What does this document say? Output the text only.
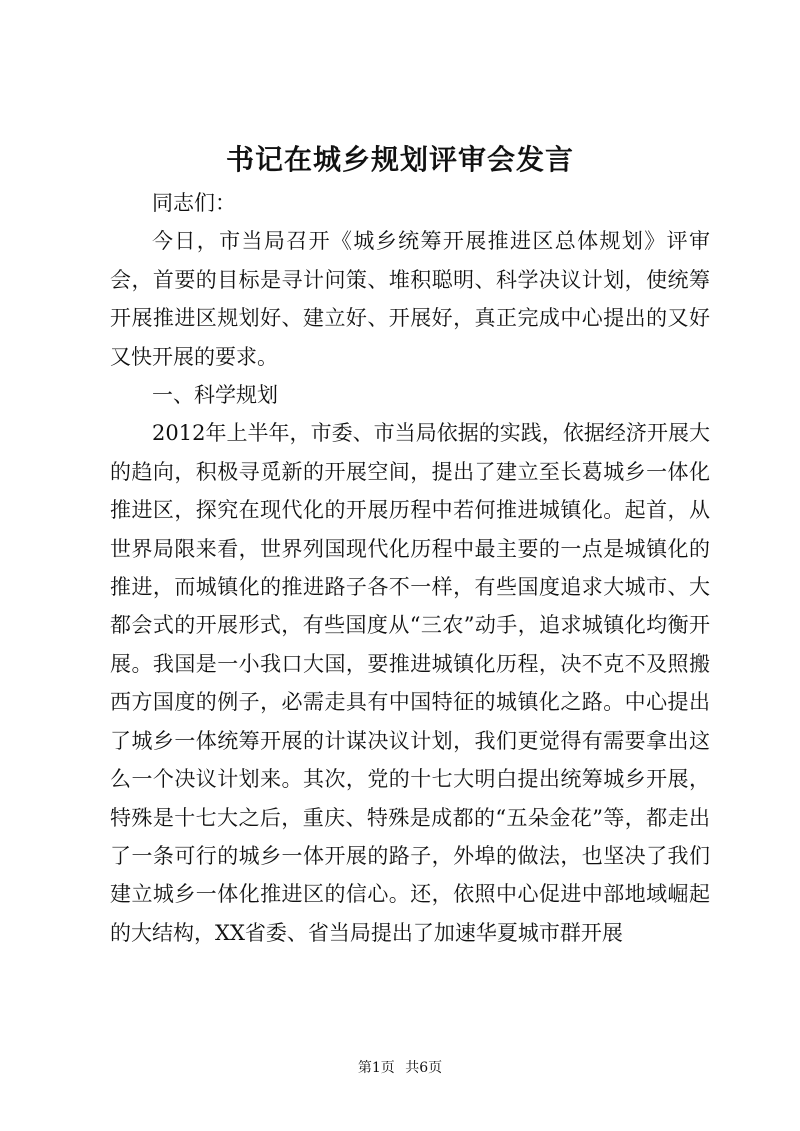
书记在城乡规划评审会发言

同志们：

今日，市当局召开《城乡统筹开展推进区总体规划》评审会，首要的目标是寻计问策、堆积聪明、科学决议计划，使统筹开展推进区规划好、建立好、开展好，真正完成中心提出的又好又快开展的要求。

一、科学规划

2012年上半年，市委、市当局依据的实践，依据经济开展大的趋向，积极寻觅新的开展空间，提出了建立至长葛城乡一体化推进区，探究在现代化的开展历程中若何推进城镇化。起首，从世界局限来看，世界列国现代化历程中最主要的一点是城镇化的推进，而城镇化的推进路子各不一样，有些国度追求大城市、大都会式的开展形式，有些国度从“三农”动手，追求城镇化均衡开展。我国是一小我口大国，要推进城镇化历程，决不克不及照搬西方国度的例子，必需走具有中国特征的城镇化之路。中心提出了城乡一体统筹开展的计谋决议计划，我们更觉得有需要拿出这么一个决议计划来。其次，党的十七大明白提出统筹城乡开展，特殊是十七大之后，重庆、特殊是成都的“五朵金花”等，都走出了一条可行的城乡一体开展的路子，外埠的做法，也坚决了我们建立城乡一体化推进区的信心。还，依照中心促进中部地域崛起的大结构，XX省委、省当局提出了加速华夏城市群开展

第1页 共6页
